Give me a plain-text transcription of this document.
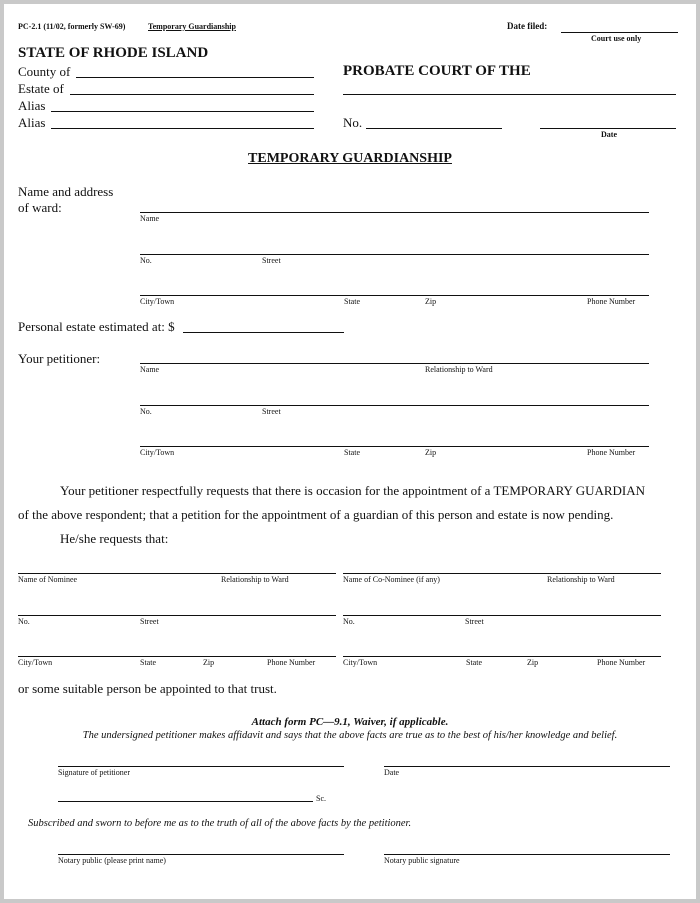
PC-2.1 (11/02, formerly SW-69)	Temporary Guardianship	Date filed:
Court use only
STATE OF RHODE ISLAND
County of
Estate of
Alias
Alias
PROBATE COURT OF THE
No.
Date
TEMPORARY GUARDIANSHIP
Name and address
of ward:
Name
No.	Street
City/Town	State	Zip	Phone Number
Personal estate estimated at: $
Your petitioner:
Name	Relationship to Ward
No.	Street
City/Town	State	Zip	Phone Number
Your petitioner respectfully requests that there is occasion for the appointment of a TEMPORARY GUARDIAN
of the above respondent; that a petition for the appointment of a guardian of this person and estate is now pending.
He/she requests that:
Name of Nominee	Relationship to Ward
No.	Street
City/Town	State	Zip	Phone Number
Name of Co-Nominee (if any)	Relationship to Ward
No.	Street
City/Town	State	Zip	Phone Number
or some suitable person be appointed to that trust.
Attach form PC—9.1, Waiver, if applicable.
The undersigned petitioner makes affidavit and says that the above facts are true as to the best of his/her knowledge and belief.
Signature of petitioner	Date
Sc.
Subscribed and sworn to before me as to the truth of all of the above facts by the petitioner.
Notary public (please print name)	Notary public signature
